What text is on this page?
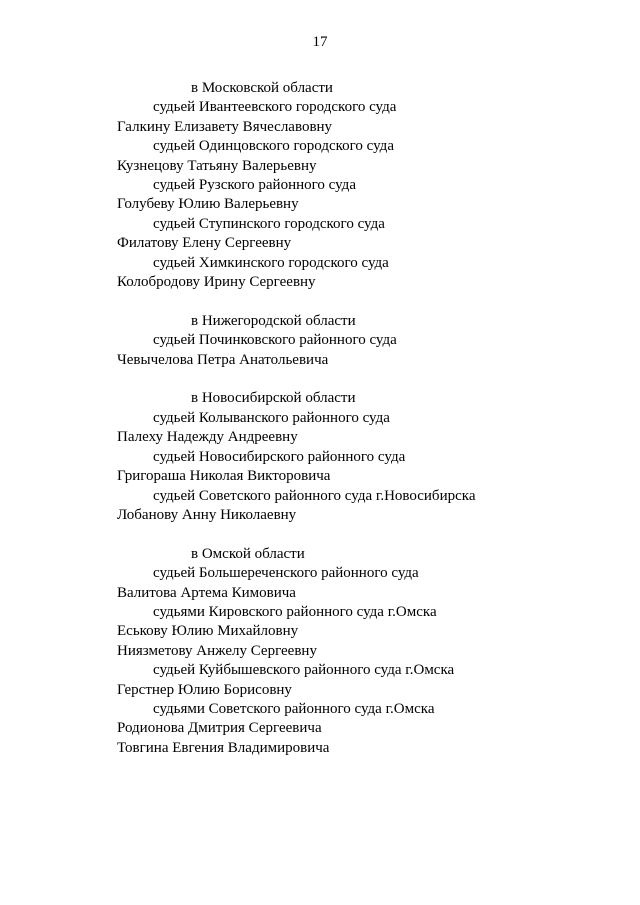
17
в Московской области
судьей Ивантеевского городского суда
Галкину Елизавету Вячеславовну
судьей Одинцовского городского суда
Кузнецову Татьяну Валерьевну
судьей Рузского районного суда
Голубеву Юлию Валерьевну
судьей Ступинского городского суда
Филатову Елену Сергеевну
судьей Химкинского городского суда
Колобродову Ирину Сергеевну
в Нижегородской области
судьей Починковского районного суда
Чевычелова Петра Анатольевича
в Новосибирской области
судьей Колыванского районного суда
Палеху Надежду Андреевну
судьей Новосибирского районного суда
Григораша Николая Викторовича
судьей Советского районного суда г.Новосибирска
Лобанову Анну Николаевну
в Омской области
судьей Большереченского районного суда
Валитова Артема Кимовича
судьями Кировского районного суда г.Омска
Еськову Юлию Михайловну
Ниязметову Анжелу Сергеевну
судьей Куйбышевского районного суда г.Омска
Герстнер Юлию Борисовну
судьями Советского районного суда г.Омска
Родионова Дмитрия Сергеевича
Товгина Евгения Владимировича
